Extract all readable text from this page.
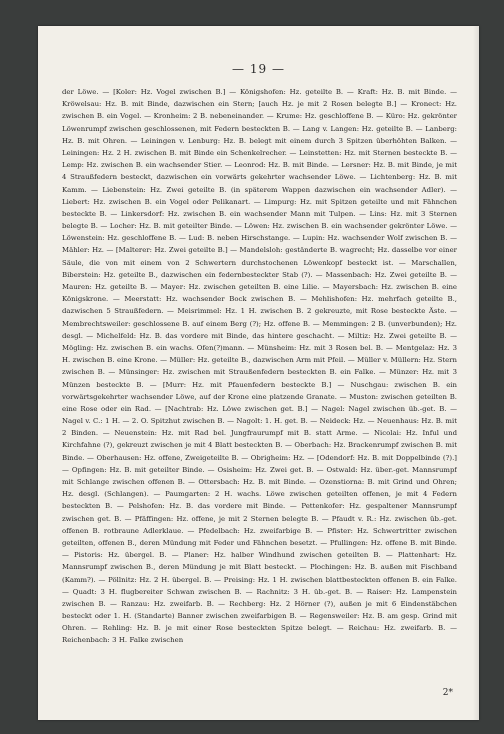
— 19 —
der Löwe. — [Koler: Hz. Vogel zwischen B.] — Königshofen: Hz. geteilte B. — Kraft: Hz. B. mit Binde. — Kröwelsau: Hz. B. mit Binde, dazwischen ein Stern; [auch Hz. je mit 2 Rosen belegte B.] — Kronect: Hz. zwischen B. ein Vogel. — Kronheim: 2 B. nebeneinander. — Krume: Hz. geschloffene B. — Küro: Hz. gekrönter Löwenrumpf zwischen geschlossenen, mit Federn besteckten B. — Lang v. Langen: Hz. geteilte B. — Lanberg: Hz. B. mit Ohren. — Leiningen v. Lenburg: Hz. B. belegt mit einem durch 3 Spitzen überhöhten Balken. — Leiningen: Hz. 2 H. zwischen B. mit Binde ein Schenkelrecher. — Leinstetten: Hz. mit Sternen besteckte B. — Lemp: Hz. zwischen B. ein wachsender Stier. — Leonrod: Hz. B. mit Binde. — Lersner: Hz. B. mit Binde, je mit 4 Straußfedern besteckt, dazwischen ein vorwärts gekehrter wachsender Löwe. — Lichtenberg: Hz. B. mit Kamm. — Liebenstein: Hz. Zwei geteilte B. (in späterem Wappen dazwischen ein wachsender Adler). — Liebert: Hz. zwischen B. ein Vogel oder Pelikanart. — Limpurg: Hz. mit Spitzen geteilte und mit Fähnchen besteckte B. — Linkersdorf: Hz. zwischen B. ein wachsender Mann mit Tulpen. — Lins: Hz. mit 3 Sternen belegte B. — Locher: Hz. B. mit geteilter Binde. — Löwen: Hz. zwischen B. ein wachsender gekrönter Löwe. — Löwenstein: Hz. geschloffene B. — Lud: B. neben Hirschstange. — Lupin: Hz. wachsender Wolf zwischen B. — Mähler: Hz. — [Malterer: Hz. Zwei geteilte B.] — Mandelsloh: geständerte B. wagrecht; Hz. dasselbe vor einer Säule, die von mit einem von 2 Schwertern durchstochenen Löwenkopf besteckt ist. — Marschallen, Biberstein: Hz. geteilte B., dazwischen ein federnbesteckter Stab (?). — Massenbach: Hz. Zwei geteilte B. — Mauren: Hz. geteilte B. — Mayer: Hz. zwischen geteilten B. eine Lilie. — Mayersbach: Hz. zwischen B. eine Königskrone. — Meerstatt: Hz. wachsender Bock zwischen B. — Mehlishofen: Hz. mehrfach geteilte B., dazwischen 5 Straußfedern. — Meisrimmel: Hz. 1 H. zwischen B. 2 gekreuzte, mit Rose besteckte Äste. — Membrechtsweiler: geschlossene B. auf einem Berg (?); Hz. offene B. — Memmingen: 2 B. (unverbunden); Hz. desgl. — Michelfeld: Hz. B. das vordere mit Binde, das hintere geschacht. — Miltiz: Hz. Zwei geteilte B. — Mögling: Hz. zwischen B. ein wachs. Ofen(?)mann. — Münsheim: Hz. mit 3 Rosen bel. B. — Mentgelaz: Hz. 3 H. zwischen B. eine Krone. — Müller: Hz. geteilte B., dazwischen Arm mit Pfeil. — Müller v. Müllern: Hz. Stern zwischen B. — Münsinger: Hz. zwischen mit Straußenfedern besteckten B. ein Falke. — Münzer: Hz. mit 3 Münzen besteckte B. — [Murr: Hz. mit Pfauenfedern besteckte B.] — Nuschgau: zwischen B. ein vorwärtsgekehrter wachsender Löwe, auf der Krone eine platzende Granate. — Muston: zwischen geteilten B. eine Rose oder ein Rad. — [Nachtrab: Hz. Löwe zwischen get. B.] — Nagel: Nagel zwischen üb.-get. B. — Nagel v. C.: 1 H. — 2. O. Spitzhut zwischen B. — Nagolt: 1. H. get. B. — Neideck: Hz. — Neuenhaus: Hz. B. mit 2 Binden. — Neuenstein: Hz. mit Rad bel. Jungfraurumpf mit B. statt Arme. — Nicolai: Hz. Inful und Kirchfahne (?), gekreuzt zwischen je mit 4 Blatt besteckten B. — Oberbach: Hz. Brackenrumpf zwischen B. mit Binde. — Oberhausen: Hz. offene, Zweigeteilte B. — Obrigheim: Hz. — [Odendorf: Hz. B. mit Doppelbinde (?).] — Opfingen: Hz. B. mit geteilter Binde. — Osisheim: Hz. Zwei get. B. — Ostwald: Hz. über.-get. Mannsrumpf mit Schlange zwischen offenen B. — Ottersbach: Hz. B. mit Binde. — Ozenstiorna: B. mit Grind und Ohren; Hz. desgl. (Schlangen). — Paumgarten: 2 H. wachs. Löwe zwischen geteilten offenen, je mit 4 Federn besteckten B. — Pelshofen: Hz. B. das vordere mit Binde. — Pettenkofer: Hz. gespaltener Mannsrumpf zwischen get. B. — Pfäffingen: Hz. offene, je mit 2 Sternen belegte B. — Pfaudt v. R.: Hz. zwischen üb.-get. offenen B. rotbraune Adlerklaue. — Pfedelbach: Hz. zweifarbige B. — Pfister: Hz. Schwertritter zwischen geteilten, offenen B., deren Mündung mit Feder und Fähnchen besetzt. — Pfullingen: Hz. offene B. mit Binde. — Pistoris: Hz. übergel. B. — Planer: Hz. halber Windhund zwischen geteilten B. — Plattenhart: Hz. Mannsrumpf zwischen B., deren Mündung je mit Blatt besteckt. — Plochingen: Hz. B. außen mit Fischband (Kamm?). — Pöllnitz: Hz. 2 H. übergel. B. — Preising: Hz. 1 H. zwischen blattbesteckten offenen B. ein Falke. — Quadt: 3 H. flugbereiter Schwan zwischen B. — Rachnitz: 3 H. üb.-get. B. — Raiser: Hz. Lampenstein zwischen B. — Ranzau: Hz. zweifarb. B. — Rechberg: Hz. 2 Hörner (?), außen je mit 6 Eindenstäbchen besteckt oder 1. H. (Standarte) Banner zwischen zweifarbigen B. — Regensweiler: Hz. B. am gesp. Grind mit Ohren. — Rehling: Hz. B. je mit einer Rose besteckten Spitze belegt. — Reichau: Hz. zweifarb. B. — Reichenbach: 3 H. Falke zwischen
2*
